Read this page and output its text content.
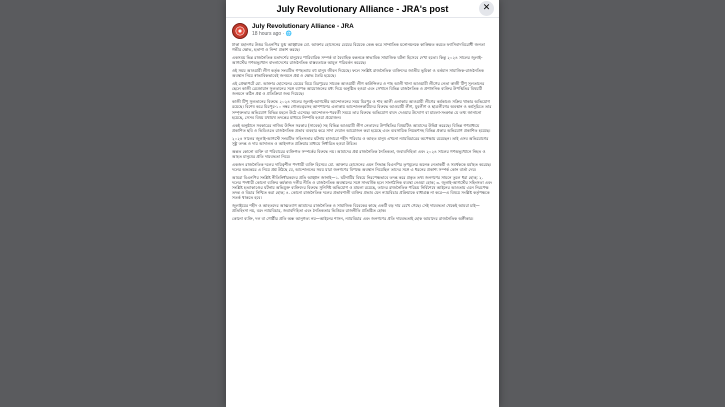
July Revolutionary Alliance - JRA's post	✕
July Revolutionary Alliance - JRA
18 hours ago · 🌐

ঢাকা মহানগর উত্তর বিএনপির যুগ্ম আহ্বায়ক মো. আক্তার হোসেনের মেয়ের বিয়েকে কেন্দ্র করে সাম্প্রতিক মনোনয়নকে কাঙ্ক্ষিত করতে ফ্যাসিবাদবিরোধী জনতা গভীর ক্ষোভ, হতাশা ও নিন্দা প্রকাশ করছে।

একসময় ভিন্ন রাজনৈতিক মতাদর্শের মানুষের পারিবারিক সম্পর্ক বা বৈবাহিক বন্ধনকে স্বাভাবিক সামাজিক ঘটনা হিসেবে দেখা হতো। কিন্তু ২০২৪ সালের জুলাই-আগস্টের গণঅভ্যুত্থান বাংলাদেশের রাজনৈতিক বাস্তবতাকে আমূল পরিবর্তন করেছে।

ওই সময় আওয়ামী লীগ কর্তৃক সংঘটিত গণহত্যায় বহু মানুষ জীবন দিয়েছে। ফলে সংশ্লিষ্ট রাজনৈতিক ব্যক্তিদের জাতীয় ভূমিকা ও বর্তমান সামাজিক-রাজনৈতিক অবস্থান নিয়ে স্বাভাবিকভাবেই জনমনে প্রশ্ন ও ক্ষোভ তৈরি হয়েছে।

এই প্রেক্ষাপটে মো. আক্তার হোসেনের মেয়ের বিয়ে মিরপুরের সাবেক আওয়ামী লীগ কাউন্সিলর ও শাহ আলী থানা আওয়ামী লীগের নেতা কাজী টিপু সুলতানের ছেলে কাজী রেজোয়ান সুলতানের সঙ্গে ব্যাপক আয়োজনের মধ্য দিয়ে অনুষ্ঠিত হওয়া এবং সেখানে বিভিন্ন রাজনৈতিক ও প্রশাসনিক ব্যক্তির উপস্থিতির বিষয়টি জনমনে কঠিন প্রশ্ন ও প্রতিক্রিয়া জন্ম দিয়েছে।

কাজী টিপু সুলতানের বিরুদ্ধে ২০২৪ সালের জুলাই-আগস্টের আন্দোলনের সময় মিরপুর ও শাহ আলী এলাকায় আওয়ামী লীগের কর্মকাণ্ডে সক্রিয় থাকার অভিযোগ রয়েছে। বিশেষ করে মিরপুর-১০ নম্বর গোলচত্বরসহ আশপাশের এলাকায় আন্দোলনকারীদের বিরুদ্ধে আওয়ামী লীগ, যুবলীগ ও ছাত্রলীগের অবস্থান ও কর্মসূচিতে তার সম্পৃক্ততার অভিযোগ বিভিন্ন মহলে উঠে এসেছে। আন্দোলন-পরবর্তী সময়ে তার বিরুদ্ধে অভিযোগ বাবদ দেওয়ার উদ্যোগ বা মামলা-সংক্রান্ত যে তথ্য জানানো হয়েছে, সেসব বিষয় যথাযথ তদন্তের মাধ্যমে নিষ্পত্তি হওয়া প্রয়োজন।

একই অনুষ্ঠানে সবকারের নাজিম উদ্দিন সরকার (সাবেক) সহ বিভিন্ন আওয়ামী লীগ নেতাদের উপস্থিতির বিষয়টিও আমাদের উদ্বিগ্ন করেছে। বিভিন্ন গণমাধ্যমে প্রকাশিত ছবি ও ভিডিওতে রাজনৈতিক প্রভাব ব্যবহার করে সাদা দেয়াল আয়োজন করা হয়েছে এবং ব্যবসায়িক নিয়ন্ত্রণসহ বিভিন্ন প্রকার অভিযোগ প্রকাশিত হয়েছে।

২০২৪ সালের জুলাই-আগস্টে সংঘটিত সহিংসতার ঘটনায় হাজারো শহীদ পরিবার ও আহত মানুষ এখনো ন্যায়বিচারের অপেক্ষায় রয়েছেন। তাই এসব অভিযোগের সুষ্ঠু তদন্ত ও দায় আদালত ও আইনগত প্রক্রিয়ার মাধ্যমে নির্ধারিত হওয়া উচিত।

অন্তত কোনো ব্যক্তি বা পরিবারের ব্যক্তিগত সম্পর্কের বিরুদ্ধে নয়। আমাদের প্রশ্ন রাজনৈতিক নৈতিকতা, জবাবদিহিতা এবং ২০২৪ সালের গণঅভ্যুত্থানে নিহত ও আহত মানুষের প্রতি দায়বদ্ধতা নিয়ে।

একজন রাজনৈতিক দলের দায়িত্বশীল পদধারী ব্যক্তি হিসেবে মো. আক্তার হোসেনের এমন সিদ্ধান্ত বিএনপির তৃণমূলের অনেক নেতাকর্মী ও সমর্থককে মর্মাহত করেছে। দলের অভ্যন্তরে এ নিয়ে প্রশ্ন উঠছে যে, আন্দোলনের সময় যারা জনগণের বিপক্ষে অবস্থান নিয়েছিল তাদের সঙ্গে এ ধরনের প্রকাশ্য সম্পর্ক কোন বার্তা দেয়।

আমরা বিএনপির সংশ্লিষ্ট নীতিনির্ধারকদের প্রতি আহ্বান জানাই—১. ঘটনাটির বিষয়ে নিরপেক্ষভাবে তদন্ত করে প্রকৃত তথ্য জনগণের সামনে তুলে ধরা হোক; ২. দলের পদধারী কোনো ব্যক্তির কর্মকাণ্ড দলীয় নীতি ও রাজনৈতিক অবস্থানের সঙ্গে সাংঘর্ষিক হলে সাংগঠনিক ব্যবস্থা নেওয়া হোক; ৩. জুলাই-আগস্টের সহিংসতা এবং সংশ্লিষ্ট হত্যাকাণ্ডের ঘটনায় অভিযুক্ত ব্যক্তিদের বিরুদ্ধে সুনির্দিষ্ট অভিযোগ ও মামলা রয়েছে, তাদের রাজনৈতিক পরিচয় নির্বিশেষে আইনের আওতায় এনে নিরপেক্ষ তদন্ত ও বিচার নিশ্চিত করা হোক; ৪. কোনো রাজনৈতিক দলের প্রভাবশালী ব্যক্তির প্রভাব যেন ন্যায়বিচার প্রক্রিয়াকে বাধাগ্রস্ত না করে—এ বিষয়ে সংশ্লিষ্ট কর্তৃপক্ষকে সতর্ক থাকতে হবে।

জুলাইয়ের শহীদ ও আহতদের আত্মত্যাগ আমাদের রাজনৈতিক ও সামাজিক বিবেকের কাছে একটি বড় দায় রেখে গেছে। সেই দায়বদ্ধতা থেকেই আমরা চাই—প্রতিহিংসা নয়, বরং ন্যায়বিচার, জবাবদিহিতা এবং নৈতিকতার ভিত্তিতে রাজনীতি প্রতিষ্ঠিত হোক।

কোনো ব্যক্তি, দল বা গোষ্ঠীর প্রতি অন্ধ আনুগত্য নয়—আইনের শাসন, ন্যায়বিচার এবং জনগণের প্রতি দায়বদ্ধতাই হোক আমাদের রাজনৈতিক অঙ্গীকার।
